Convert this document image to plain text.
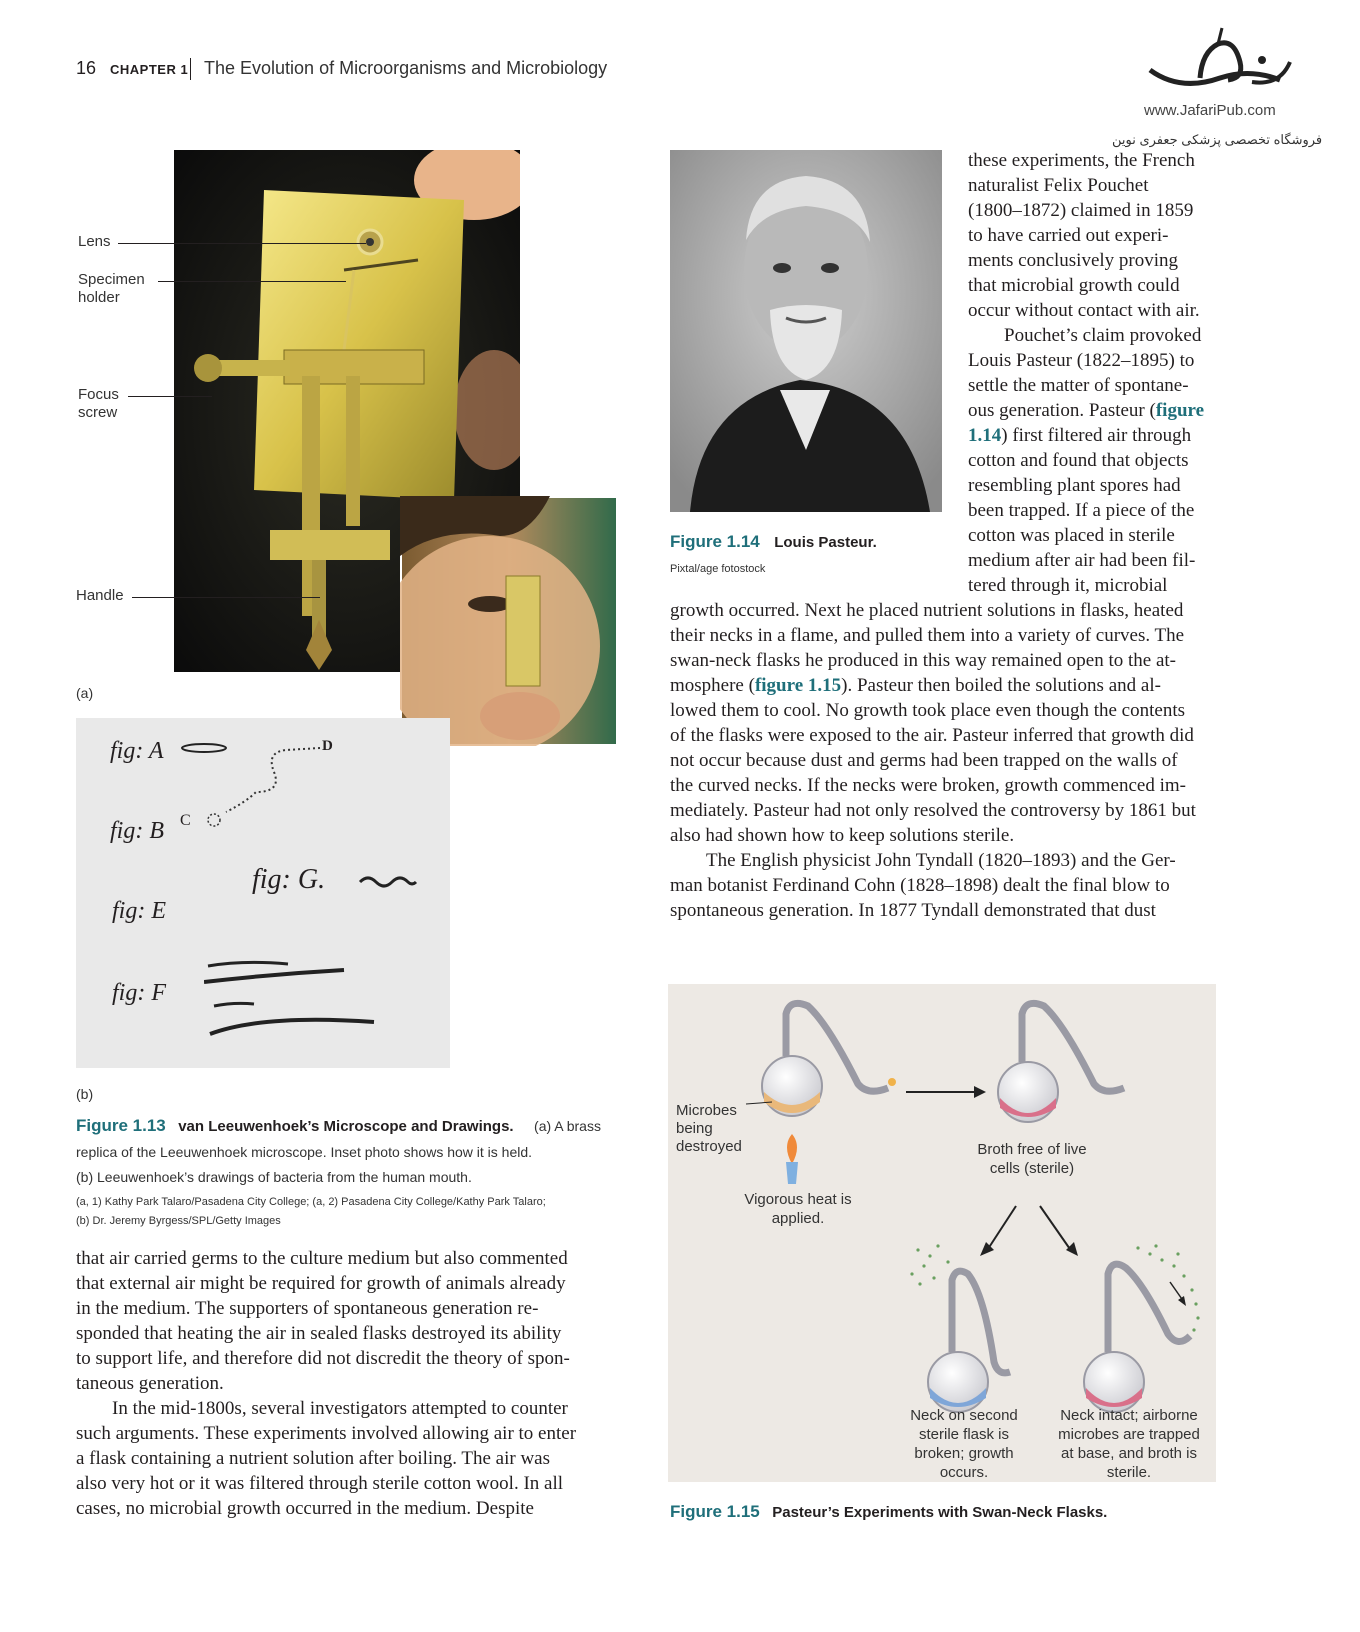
16 CHAPTER 1 The Evolution of Microorganisms and Microbiology
www.JafariPub.com
فروشگاه تخصصی پزشکی جعفری نوین
Lens
Specimen holder
Focus screw
Handle
(a)
fig: A	D
fig: B C
fig: E
fig: G.
fig: F
(b)
Figure 1.13 van Leeuwenhoek’s Microscope and Drawings. (a) A brass
replica of the Leeuwenhoek microscope. Inset photo shows how it is held.
(b) Leeuwenhoek’s drawings of bacteria from the human mouth.
(a, 1) Kathy Park Talaro/Pasadena City College; (a, 2) Pasadena City College/Kathy Park Talaro;
(b) Dr. Jeremy Byrgess/SPL/Getty Images
that air carried germs to the culture medium but also commented
that external air might be required for growth of animals already
in the medium. The supporters of spontaneous generation re-
sponded that heating the air in sealed flasks destroyed its ability
to support life, and therefore did not discredit the theory of spon-
taneous generation.
In the mid-1800s, several investigators attempted to counter
such arguments. These experiments involved allowing air to enter
a flask containing a nutrient solution after boiling. The air was
also very hot or it was filtered through sterile cotton wool. In all
cases, no microbial growth occurred in the medium. Despite
Figure 1.14 Louis Pasteur.
Pixtal/age fotostock
these experiments, the French
naturalist Felix Pouchet
(1800–1872) claimed in 1859
to have carried out experi-
ments conclusively proving
that microbial growth could
occur without contact with air.
Pouchet’s claim provoked
Louis Pasteur (1822–1895) to
settle the matter of spontane-
ous generation. Pasteur (figure
1.14) first filtered air through
cotton and found that objects
resembling plant spores had
been trapped. If a piece of the
cotton was placed in sterile
medium after air had been fil-
tered through it, microbial
growth occurred. Next he placed nutrient solutions in flasks, heated
their necks in a flame, and pulled them into a variety of curves. The
swan-neck flasks he produced in this way remained open to the at-
mosphere (figure 1.15). Pasteur then boiled the solutions and al-
lowed them to cool. No growth took place even though the contents
of the flasks were exposed to the air. Pasteur inferred that growth did
not occur because dust and germs had been trapped on the walls of
the curved necks. If the necks were broken, growth commenced im-
mediately. Pasteur had not only resolved the controversy by 1861 but
also had shown how to keep solutions sterile.
The English physicist John Tyndall (1820–1893) and the Ger-
man botanist Ferdinand Cohn (1828–1898) dealt the final blow to
spontaneous generation. In 1877 Tyndall demonstrated that dust
Microbes being destroyed
Vigorous heat is applied.
Broth free of live cells (sterile)
Neck on second sterile flask is broken; growth occurs.
Neck intact; airborne microbes are trapped at base, and broth is sterile.
Figure 1.15 Pasteur’s Experiments with Swan-Neck Flasks.
